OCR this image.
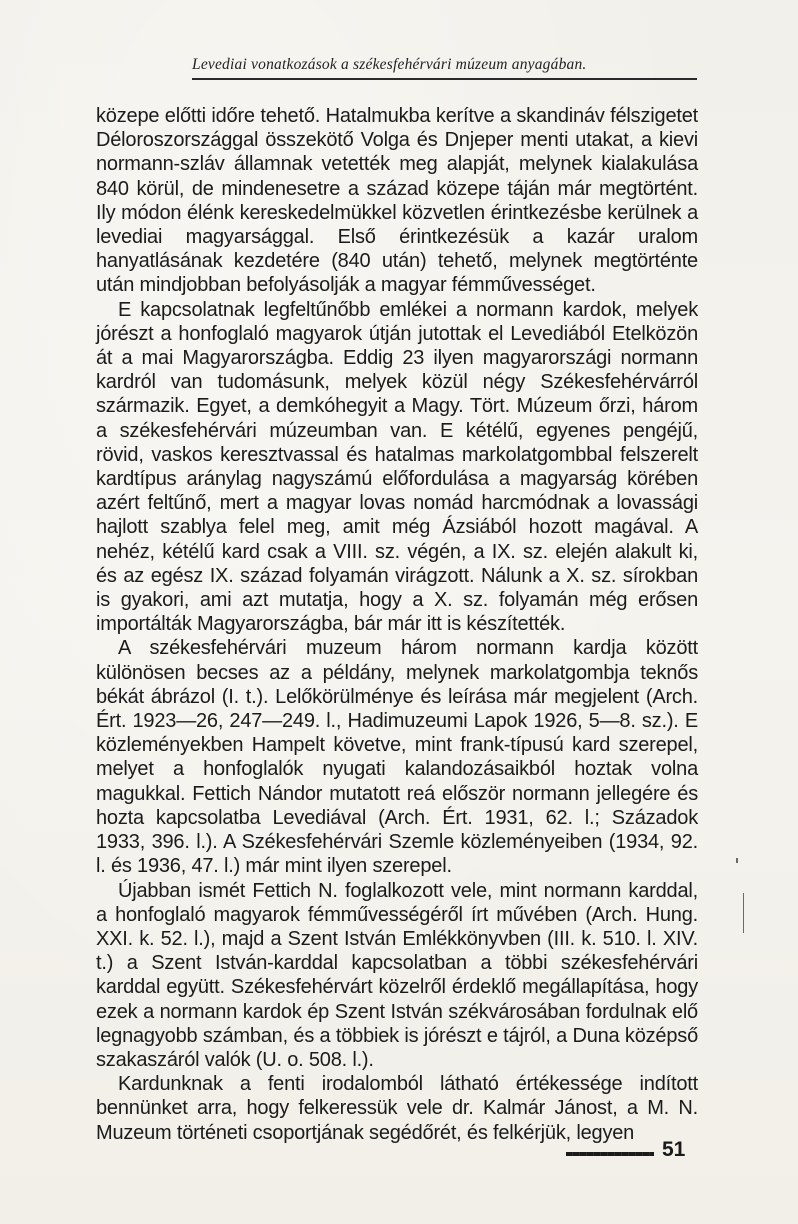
Levediai vonatkozások a székesfehérvári múzeum anyagában.

közepe előtti időre tehető. Hatalmukba kerítve a skandináv félszigetet Déloroszországgal összekötő Volga és Dnjeper menti utakat, a kievi normann-szláv államnak vetették meg alapját, melynek kialakulása 840 körül, de mindenesetre a század közepe táján már megtörtént. Ily módon élénk kereskedelmükkel közvetlen érintkezésbe kerülnek a levediai magyarsággal. Első érintkezésük a kazár uralom hanyatlásának kezdetére (840 után) tehető, melynek megtörténte után mindjobban befolyásolják a magyar fémművességet.

E kapcsolatnak legfeltűnőbb emlékei a normann kardok, melyek jórészt a honfoglaló magyarok útján jutottak el Levediából Etelközön át a mai Magyarországba. Eddig 23 ilyen magyarországi normann kardról van tudomásunk, melyek közül négy Székesfehérvárról származik. Egyet, a demkóhegyit a Magy. Tört. Múzeum őrzi, három a székesfehérvári múzeumban van. E kétélű, egyenes pengéjű, rövid, vaskos keresztvassal és hatalmas markolatgombbal felszerelt kardtípus aránylag nagyszámú előfordulása a magyarság körében azért feltűnő, mert a magyar lovas nomád harcmódnak a lovassági hajlott szablya felel meg, amit még Ázsiából hozott magával. A nehéz, kétélű kard csak a VIII. sz. végén, a IX. sz. elején alakult ki, és az egész IX. század folyamán virágzott. Nálunk a X. sz. sírokban is gyakori, ami azt mutatja, hogy a X. sz. folyamán még erősen importálták Magyarországba, bár már itt is készítették.

A székesfehérvári muzeum három normann kardja között különösen becses az a példány, melynek markolatgombja teknős békát ábrázol (I. t.). Lelőkörülménye és leírása már megjelent (Arch. Ért. 1923—26, 247—249. l., Hadimuzeumi Lapok 1926, 5—8. sz.). E közleményekben Hampelt követve, mint frank-típusú kard szerepel, melyet a honfoglalók nyugati kalandozásaikból hoztak volna magukkal. Fettich Nándor mutatott reá először normann jellegére és hozta kapcsolatba Levediával (Arch. Ért. 1931, 62. l.; Századok 1933, 396. l.). A Székesfehérvári Szemle közleményeiben (1934, 92. l. és 1936, 47. l.) már mint ilyen szerepel.

Újabban ismét Fettich N. foglalkozott vele, mint normann karddal, a honfoglaló magyarok fémművességéről írt művében (Arch. Hung. XXI. k. 52. l.), majd a Szent István Emlékkönyvben (III. k. 510. l. XIV. t.) a Szent István-karddal kapcsolatban a többi székesfehérvári karddal együtt. Székesfehérvárt közelről érdeklő megállapítása, hogy ezek a normann kardok ép Szent István székvárosában fordulnak elő legnagyobb számban, és a többiek is jórészt e tájról, a Duna középső szakaszáról valók (U. o. 508. l.).

Kardunknak a fenti irodalomból látható értékessége indított bennünket arra, hogy felkeressük vele dr. Kalmár Jánost, a M. N. Muzeum történeti csoportjának segédőrét, és felkérjük, legyen

51
